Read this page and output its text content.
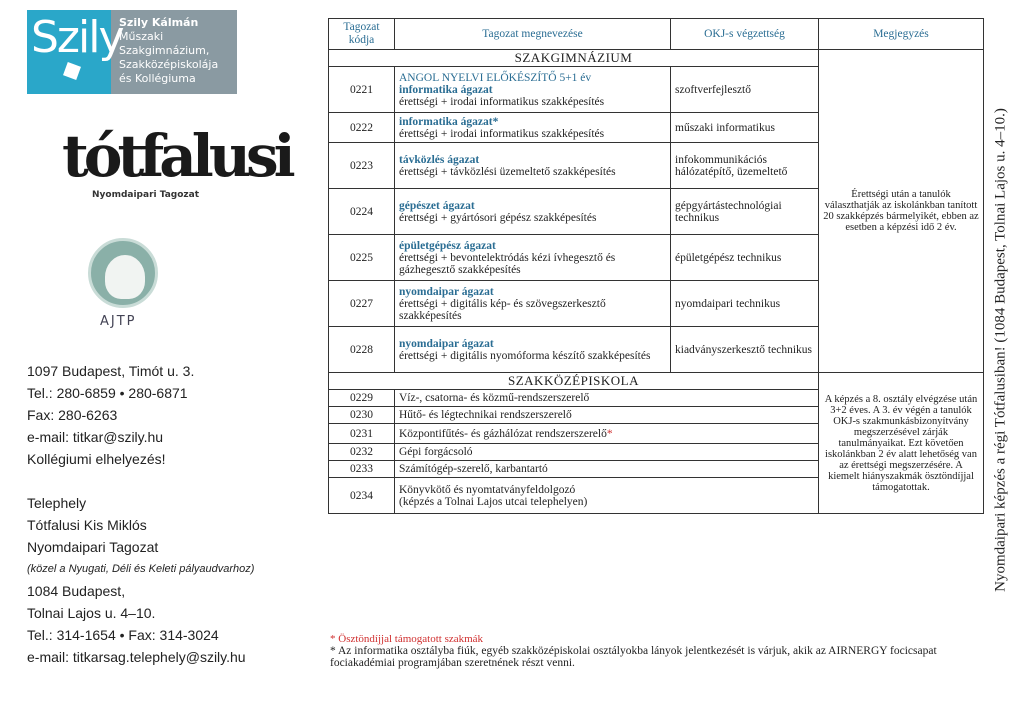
Szily
Szily Kálmán
Műszaki
Szakgimnázium,
Szakközépiskolája
és Kollégiuma
tótfalusi
Nyomdaipari Tagozat
AJTP
1097 Budapest, Timót u. 3.
Tel.: 280-6859 • 280-6871
Fax: 280-6263
e-mail: titkar@szily.hu
Kollégiumi elhelyezés!
Telephely
Tótfalusi Kis Miklós
Nyomdaipari Tagozat
(közel a Nyugati, Déli és Keleti pályaudvarhoz)
1084 Budapest,
Tolnai Lajos u. 4–10.
Tel.: 314-1654 • Fax: 314-3024
e-mail: titkarsag.telephely@szily.hu
Tagozat kódja	Tagozat megnevezése	OKJ-s végzettség	Megjegyzés
SZAKGIMNÁZIUM			Érettségi után a tanulók választhatják az iskolánkban tanított 20 szakképzés bármelyikét, ebben az esetben a képzési idő 2 év.
0221	ANGOL NYELVI ELŐKÉSZÍTŐ 5+1 év
informatika ágazat
érettségi + irodai informatikus szakképesítés	szoftverfejlesztő	
0222	informatika ágazat*
érettségi + irodai informatikus szakképesítés	műszaki informatikus	
0223	távközlés ágazat
érettségi + távközlési üzemeltető szakképesítés	infokommunikációs hálózatépítő, üzemeltető	
0224	gépészet ágazat
érettségi + gyártósori gépész szakképesítés	gépgyártástechnológiai technikus	
0225	épületgépész ágazat
érettségi + bevontelektródás kézi ívhegesztő és gázhegesztő szakképesítés	épületgépész technikus	
0227	nyomdaipar ágazat
érettségi + digitális kép- és szövegszerkesztő szakképesítés	nyomdaipari technikus	
0228	nyomdaipar ágazat
érettségi + digitális nyomóforma készítő szakképesítés	kiadványszerkesztő technikus	
SZAKKÖZÉPISKOLA			A képzés a 8. osztály elvégzése után 3+2 éves. A 3. év végén a tanulók OKJ-s szakmunkásbizonyítvány megszerzésével zárják tanulmányaikat. Ezt követően iskolánkban 2 év alatt lehetőség van az érettségi megszerzésére. A kiemelt hiányszakmák ösztöndíjjal támogatottak.
0229	Víz-, csatorna- és közmű-rendszerszerelő		
0230	Hűtő- és légtechnikai rendszerszerelő		
0231	Központifűtés- és gázhálózat rendszerszerelő*		
0232	Gépi forgácsoló		
0233	Számítógép-szerelő, karbantartó		
0234	Könyvkötő és nyomtatványfeldolgozó
(képzés a Tolnai Lajos utcai telephelyen)		
* Ösztöndíjjal támogatott szakmák
* Az informatika osztályba fiúk, egyéb szakközépiskolai osztályokba lányok jelentkezését is várjuk, akik az AIRNERGY focicsapat fociakadémiai programjában szeretnének részt venni.
Nyomdaipari képzés a régi Tótfalusiban! (1084 Budapest, Tolnai Lajos u. 4–10.)
